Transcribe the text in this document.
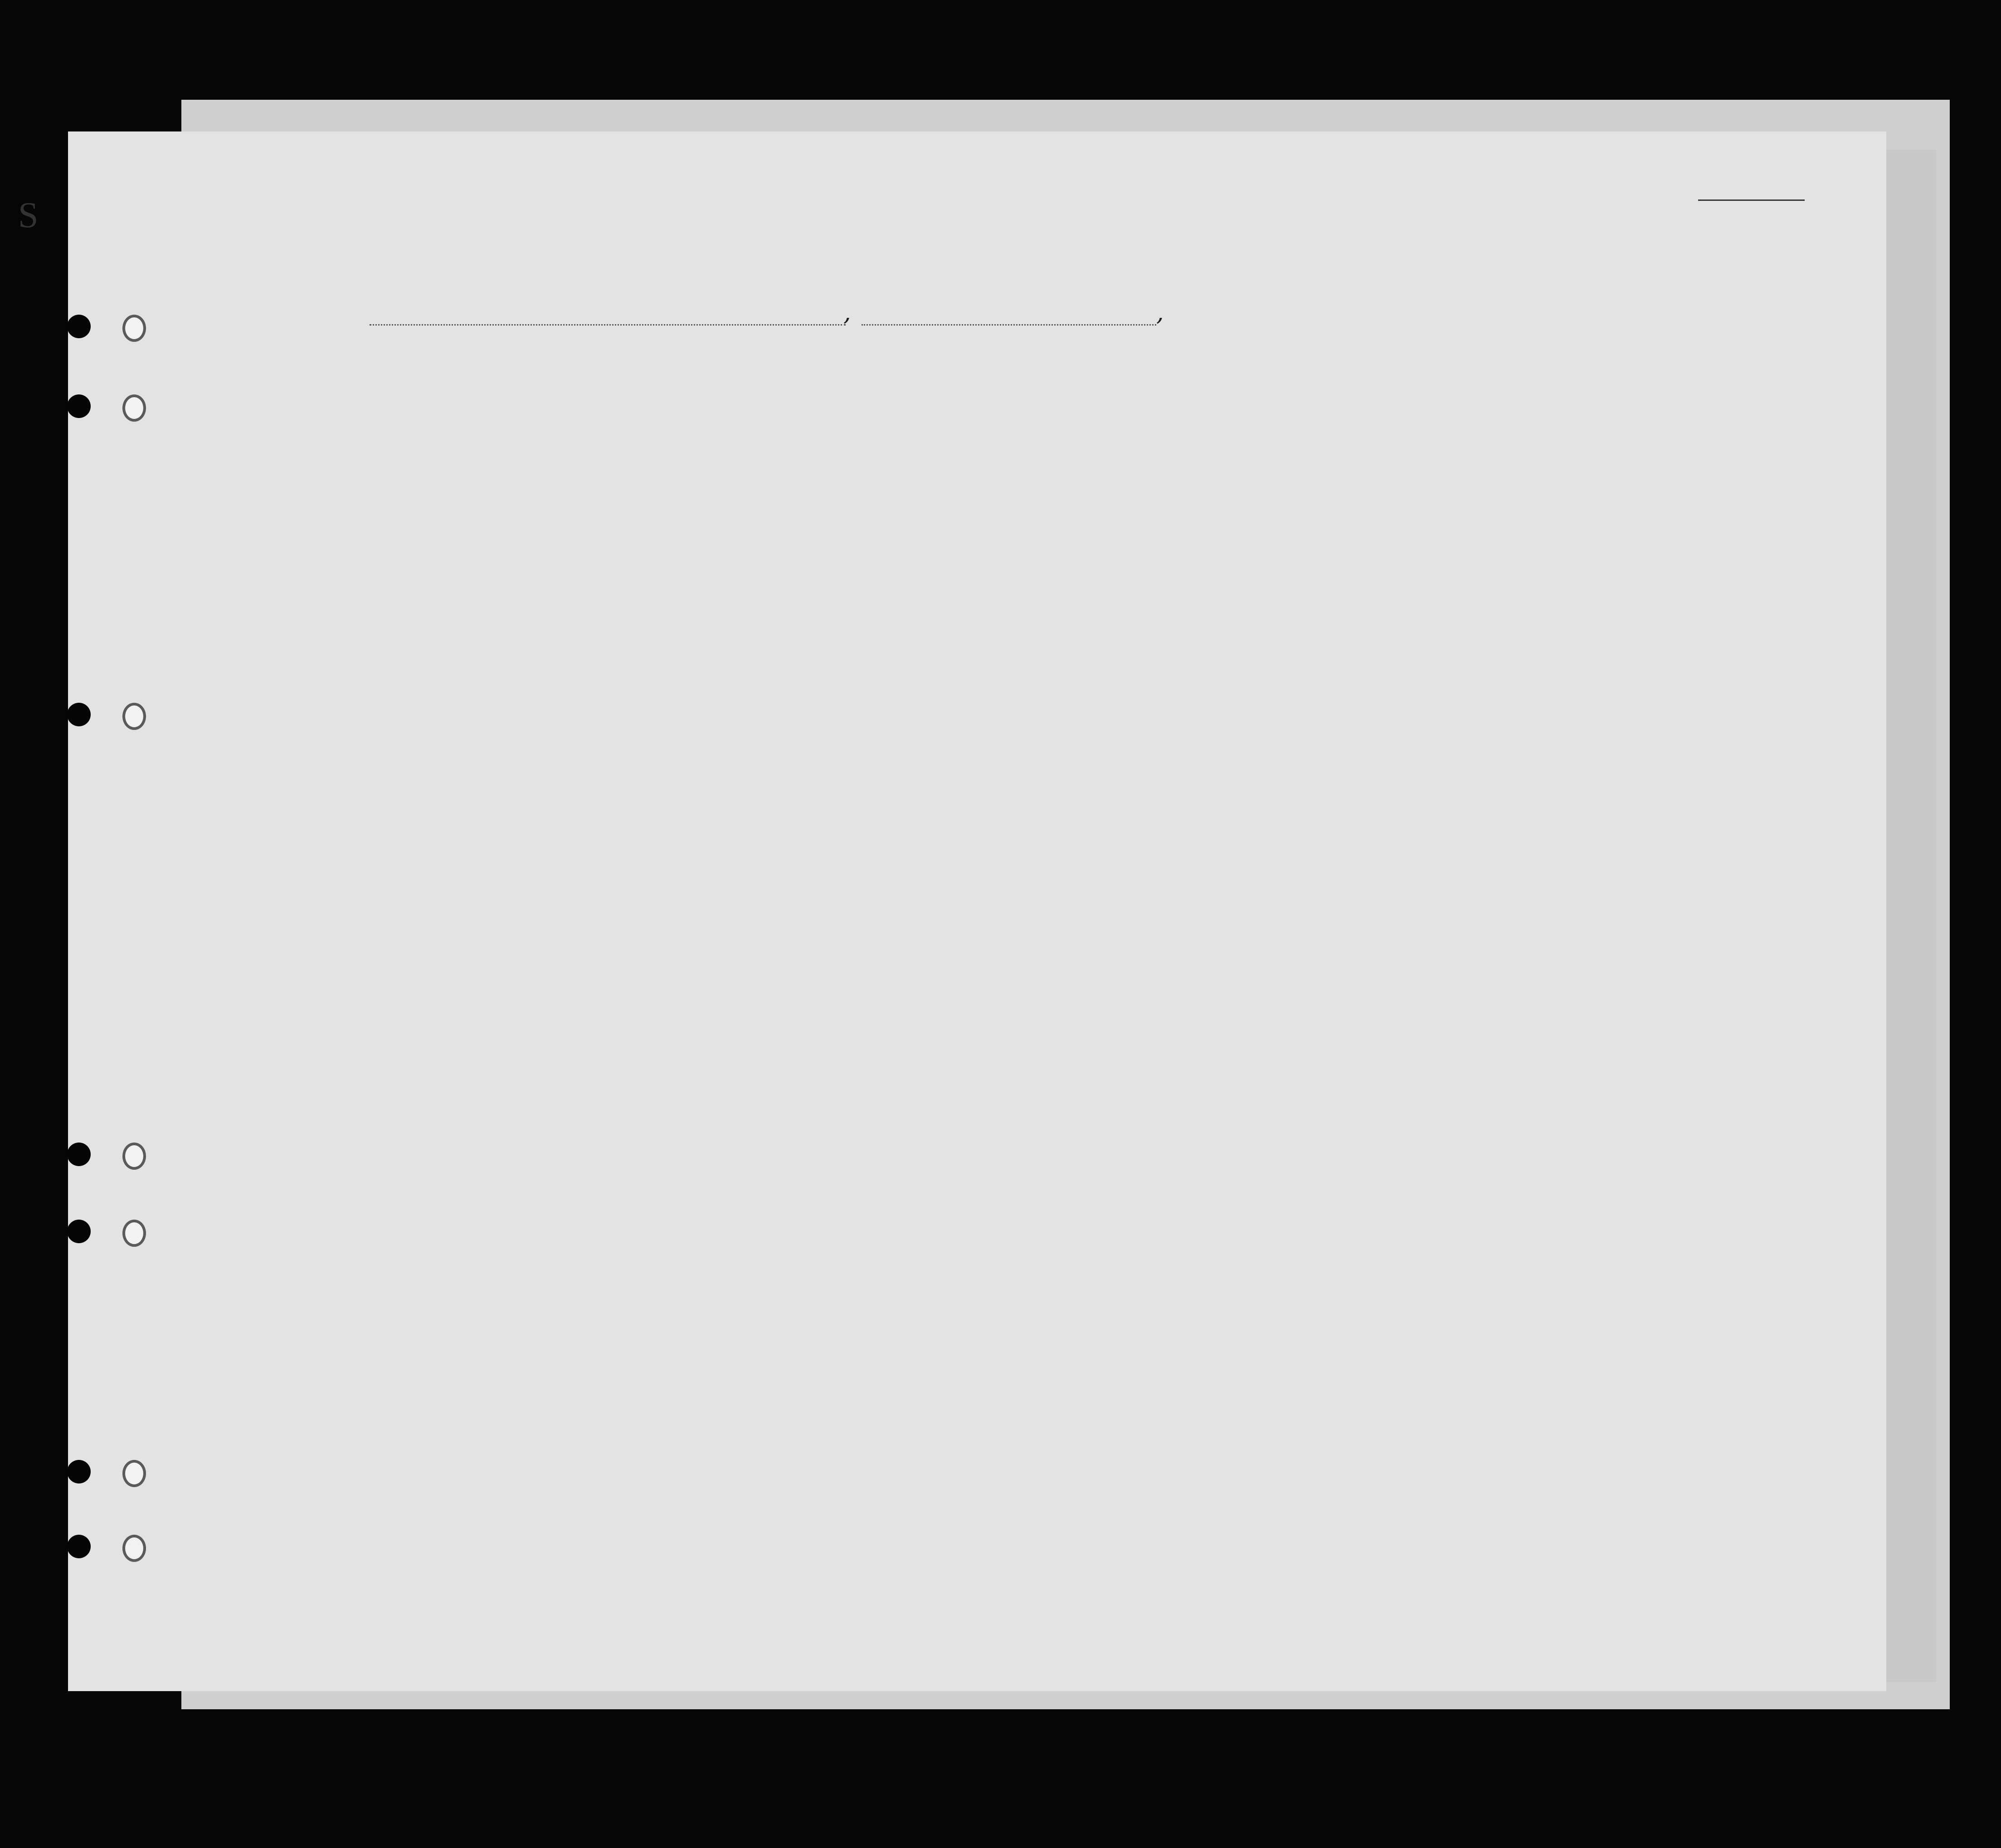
S
,	,
